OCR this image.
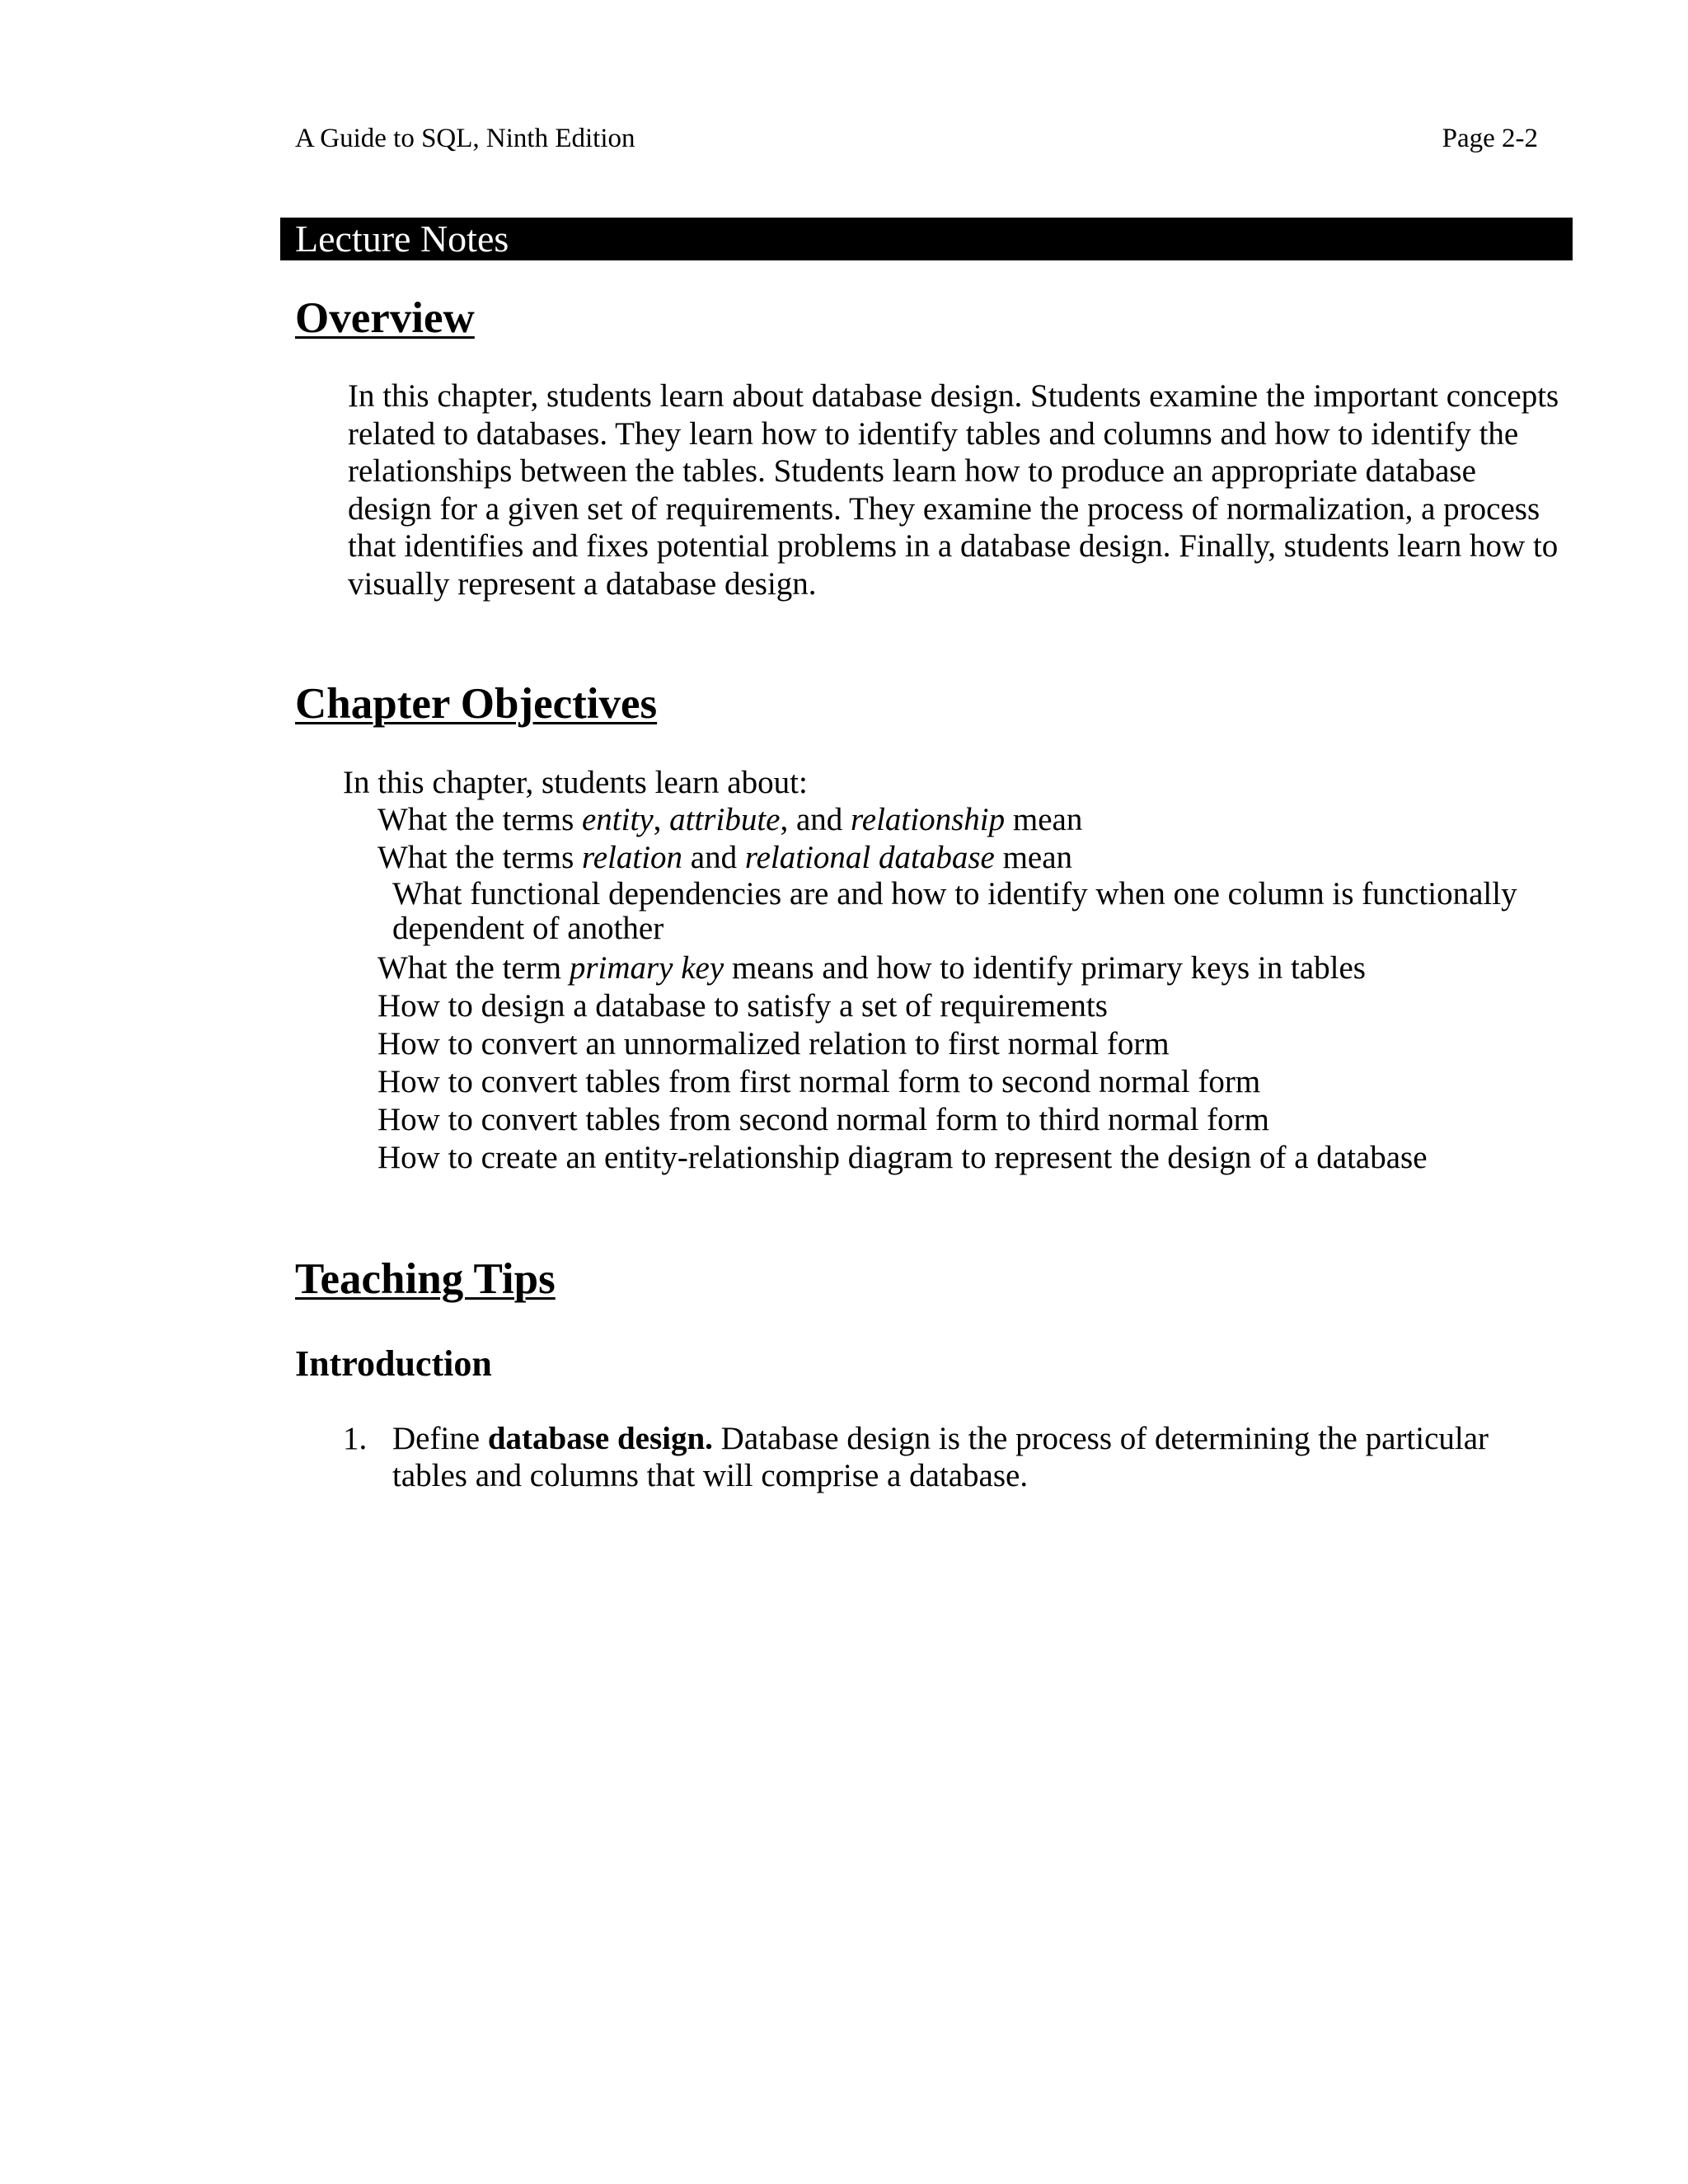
A Guide to SQL, Ninth Edition	Page 2-2
Lecture Notes
Overview

In this chapter, students learn about database design. Students examine the important concepts related to databases. They learn how to identify tables and columns and how to identify the relationships between the tables. Students learn how to produce an appropriate database design for a given set of requirements. They examine the process of normalization, a process that identifies and fixes potential problems in a database design. Finally, students learn how to visually represent a database design.

Chapter Objectives
In this chapter, students learn about:
What the terms entity, attribute, and relationship mean
What the terms relation and relational database mean
What functional dependencies are and how to identify when one column is functionally dependent of another
What the term primary key means and how to identify primary keys in tables
How to design a database to satisfy a set of requirements
How to convert an unnormalized relation to first normal form
How to convert tables from first normal form to second normal form
How to convert tables from second normal form to third normal form
How to create an entity-relationship diagram to represent the design of a database
Teaching Tips
Introduction
1. Define database design. Database design is the process of determining the particular tables and columns that will comprise a database.
